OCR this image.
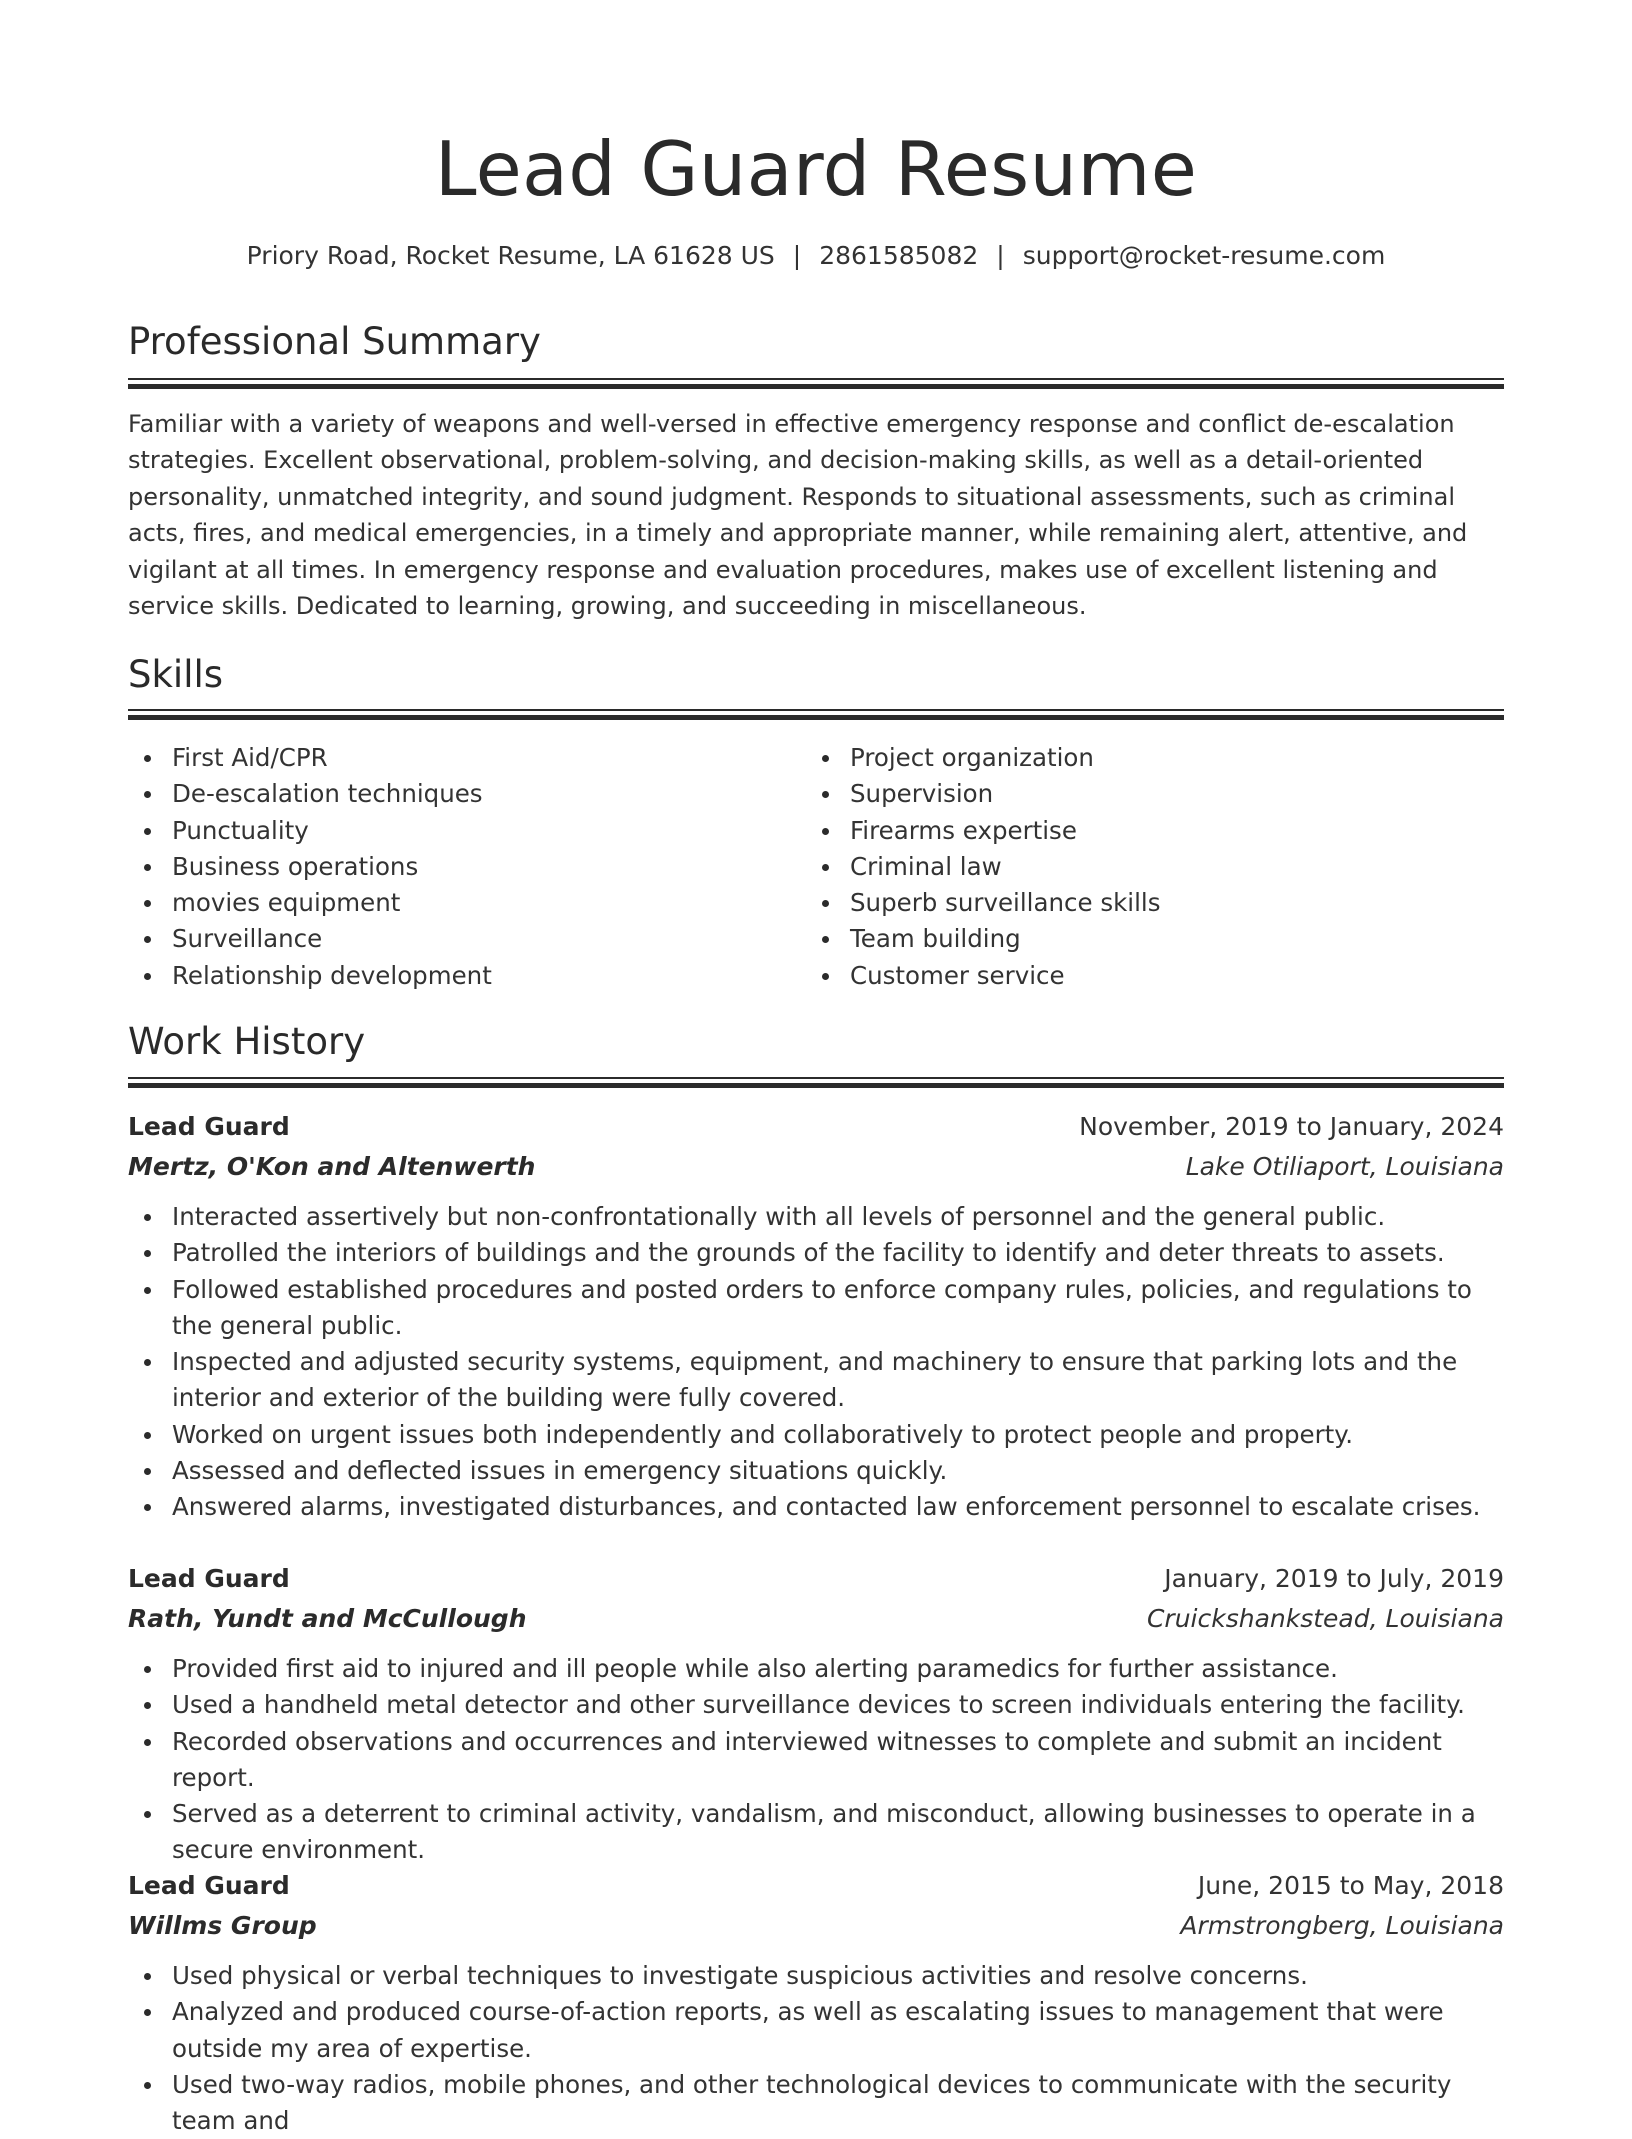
Lead Guard Resume
Priory Road, Rocket Resume, LA 61628 US | 2861585082 | support@rocket-resume.com
Professional Summary

Familiar with a variety of weapons and well-versed in effective emergency response and conflict de-escalation strategies. Excellent observational, problem-solving, and decision-making skills, as well as a detail-oriented personality, unmatched integrity, and sound judgment. Responds to situational assessments, such as criminal acts, fires, and medical emergencies, in a timely and appropriate manner, while remaining alert, attentive, and vigilant at all times. In emergency response and evaluation procedures, makes use of excellent listening and service skills. Dedicated to learning, growing, and succeeding in miscellaneous.

Skills
First Aid/CPR
De-escalation techniques
Punctuality
Business operations
movies equipment
Surveillance
Relationship development
Project organization
Supervision
Firearms expertise
Criminal law
Superb surveillance skills
Team building
Customer service
Work History
Lead Guard	November, 2019 to January, 2024
Mertz, O'Kon and Altenwerth	Lake Otiliaport, Louisiana
Interacted assertively but non-confrontationally with all levels of personnel and the general public.
Patrolled the interiors of buildings and the grounds of the facility to identify and deter threats to assets.
Followed established procedures and posted orders to enforce company rules, policies, and regulations to the general public.
Inspected and adjusted security systems, equipment, and machinery to ensure that parking lots and the interior and exterior of the building were fully covered.
Worked on urgent issues both independently and collaboratively to protect people and property.
Assessed and deflected issues in emergency situations quickly.
Answered alarms, investigated disturbances, and contacted law enforcement personnel to escalate crises.
Lead Guard	January, 2019 to July, 2019
Rath, Yundt and McCullough	Cruickshankstead, Louisiana
Provided first aid to injured and ill people while also alerting paramedics for further assistance.
Used a handheld metal detector and other surveillance devices to screen individuals entering the facility.
Recorded observations and occurrences and interviewed witnesses to complete and submit an incident report.
Served as a deterrent to criminal activity, vandalism, and misconduct, allowing businesses to operate in a secure environment.
Lead Guard	June, 2015 to May, 2018
Willms Group	Armstrongberg, Louisiana
Used physical or verbal techniques to investigate suspicious activities and resolve concerns.
Analyzed and produced course-of-action reports, as well as escalating issues to management that were outside my area of expertise.
Used two-way radios, mobile phones, and other technological devices to communicate with the security team and
